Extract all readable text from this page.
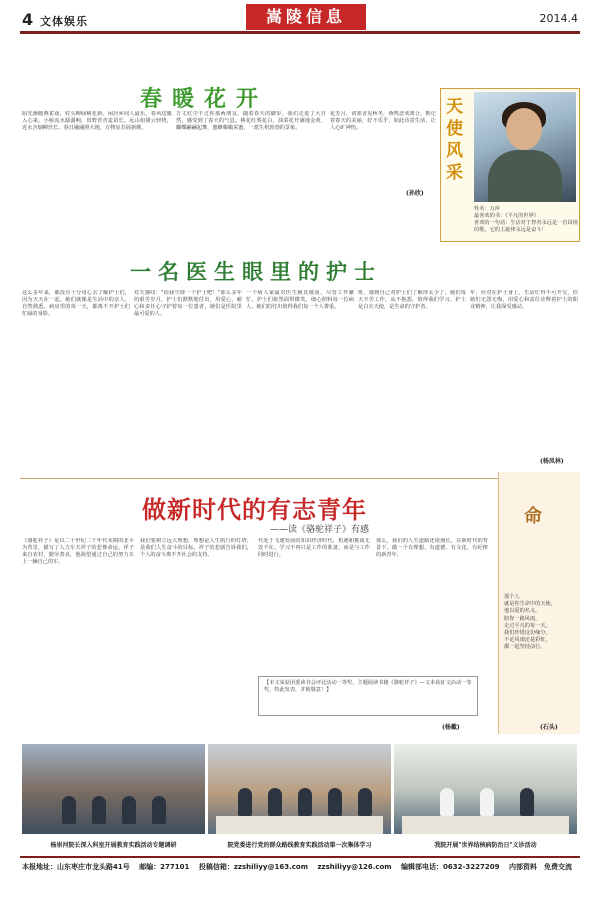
4 文体娱乐	嵩陵信息	2014.4
春暖花开
阳光渐暖燕雀戏，村头柳绿桃花新。闲居乡间人最乐，春风送暖入心来。小桥流水潺潺响，田野青青麦苗长。远山如黛云轻绕，近水含烟柳丝长。春日融融照大地，万物复苏展新颜。
万丈红尘不过你那两朋友。随着春天的脚步，我们走进了大自然，感受到了春天的气息。桃花红梨花白，油菜花开满地金黄，蝴蝶翩翩起舞，蜜蜂嗡嗡采蜜，一派生机勃勃的景象。
花芳月，词墨香见秋冬，燕鸣悲欢离合。默记着春天的美丽，好不乐乎，如此诗意生活，让人心旷神怡。
(孙欣)
天使风采
姓名：万萍
最喜欢的书：《平凡的世界》
喜欢的一句话：生活对于智者永远是一首昂扬的歌，它的主旋律永远是奋斗！
一名医生眼里的护士
这么多年来，都没有十分用心去了解护士们，因为天天在一起。她们就像是生活中的亲人，自然熟悉。病房里的每一天，都离不开护士们忙碌的身影。
对天感叹："给我空降一个护士吧！"那么多年的艰苦岁月，护士们默默地付出，用爱心、耐心和责任心守护着每一位患者，她们是医院里最可爱的人。
一个病人家属对医生极其敬重，尽管工作繁忙，护士们依然面带微笑，细心照料每一位病人，她们的付出值得我们每一个人尊重。
班，感到自己对护士们了解得太少了，她们每天辛苦工作，从不抱怨，值得我们学习。护士是白衣天使，是生命的守护者。
年，应对在护士身上，生活忙得不可开交，但她们无怨无悔，用爱心和责任诠释着护士的职业精神，让我深受感动。
(杨凤林)
做新时代的有志青年
——读《骆驼祥子》有感
《骆驼祥子》是以二十世纪二十年代末期的北平为背景，描写了人力车夫祥子的悲惨命运。祥子来自农村，勤劳善良，他渴望通过自己的努力买上一辆自己的车。
我们要树立远大理想，理想是人生航行的灯塔，是我们人生奋斗的目标。祥子的悲剧告诉我们，个人的奋斗离不开社会的支持。
代处于飞速发展的知识经济时代，机遇和挑战无处不在。学习不再只是工作的准备，而是与工作同时进行。
那么，我们的人生道路还很漫长，在新时代的背景下，做一个有理想、有道德、有文化、有纪律的新青年。
【本文荣获团委读书会评比活动一等奖，主题阅读书籍《骆驼祥子》—文本获征文活动一等奖，特此发表，并致敬意！】
(杨戴)
命
那个人
就是你生命中的天使，
他以爱的名义，
陪你一路风雨，
走过平凡的每一天。
我们珍惜这份缘分，
不论风雨还是彩虹，
都一起坚持前行。
(石头)
杨崇河院长深入科室开展教育实践活动专题调研	院党委进行党的群众路线教育实践活动第一次集体学习	我院开展"世界结核病防治日"义诊活动
本报地址：山东枣庄市龙头路41号　 邮编：277101　 投稿信箱：zzshiliyy@163.com　 zzshiliyy@126.com　 编辑部电话：0632-3227209　 内部资料　免费交流
